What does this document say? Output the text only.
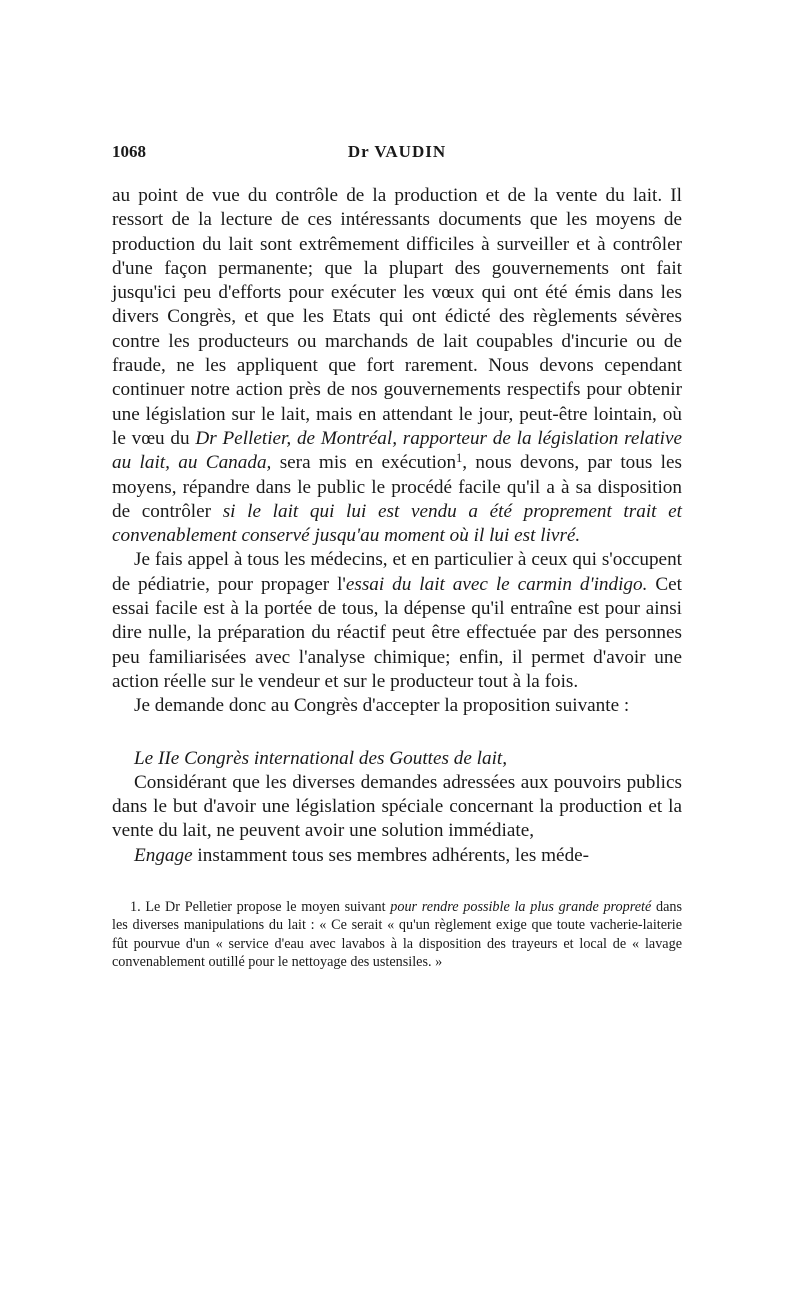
1068	Dr VAUDIN

au point de vue du contrôle de la production et de la vente du lait. Il ressort de la lecture de ces intéressants documents que les moyens de production du lait sont extrêmement difficiles à surveiller et à contrôler d'une façon permanente; que la plupart des gouvernements ont fait jusqu'ici peu d'efforts pour exécuter les vœux qui ont été émis dans les divers Congrès, et que les Etats qui ont édicté des règlements sévères contre les producteurs ou marchands de lait coupables d'incurie ou de fraude, ne les appliquent que fort rarement. Nous devons cependant continuer notre action près de nos gouvernements respectifs pour obtenir une législation sur le lait, mais en attendant le jour, peut-être lointain, où le vœu du Dr Pelletier, de Montréal, rapporteur de la législation relative au lait, au Canada, sera mis en exécution$^1$, nous devons, par tous les moyens, répandre dans le public le procédé facile qu'il a à sa disposition de contrôler si le lait qui lui est vendu a été proprement trait et convenablement conservé jusqu'au moment où il lui est livré.

Je fais appel à tous les médecins, et en particulier à ceux qui s'occupent de pédiatrie, pour propager l'essai du lait avec le carmin d'indigo. Cet essai facile est à la portée de tous, la dépense qu'il entraîne est pour ainsi dire nulle, la préparation du réactif peut être effectuée par des personnes peu familiarisées avec l'analyse chimique; enfin, il permet d'avoir une action réelle sur le vendeur et sur le producteur tout à la fois.

Je demande donc au Congrès d'accepter la proposition suivante :

Le IIe Congrès international des Gouttes de lait,

Considérant que les diverses demandes adressées aux pouvoirs publics dans le but d'avoir une législation spéciale concernant la production et la vente du lait, ne peuvent avoir une solution immédiate,

Engage instamment tous ses membres adhérents, les méde-

1. Le Dr Pelletier propose le moyen suivant pour rendre possible la plus grande propreté dans les diverses manipulations du lait : « Ce serait « qu'un règlement exige que toute vacherie-laiterie fût pourvue d'un « service d'eau avec lavabos à la disposition des trayeurs et local de « lavage convenablement outillé pour le nettoyage des ustensiles. »
